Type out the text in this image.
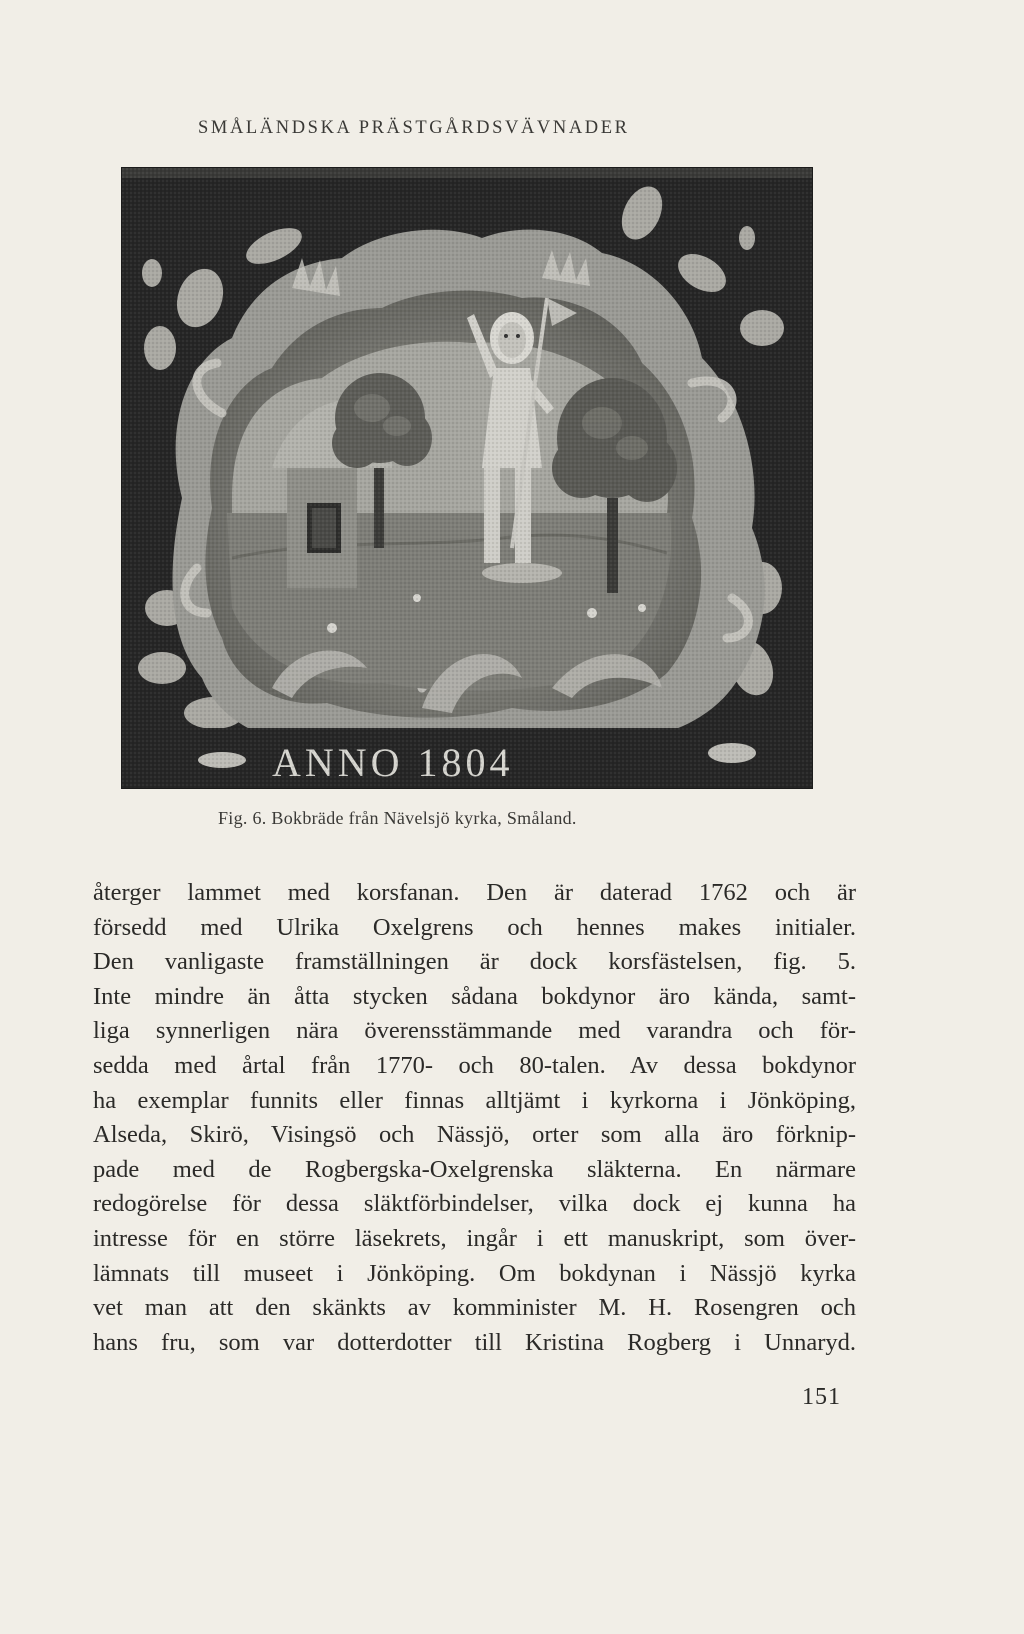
SMÅLÄNDSKA PRÄSTGÅRDSVÄVNADER
Fig. 6. Bokbräde från Nävelsjö kyrka, Småland.
återger lammet med korsfanan. Den är daterad 1762 och är
försedd med Ulrika Oxelgrens och hennes makes initialer.
Den vanligaste framställningen är dock korsfästelsen, fig. 5.
Inte mindre än åtta stycken sådana bokdynor äro kända, samt-
liga synnerligen nära överensstämmande med varandra och för-
sedda med årtal från 1770- och 80-talen. Av dessa bokdynor
ha exemplar funnits eller finnas alltjämt i kyrkorna i Jönköping,
Alseda, Skirö, Visingsö och Nässjö, orter som alla äro förknip-
pade med de Rogbergska-Oxelgrenska släkterna. En närmare
redogörelse för dessa släktförbindelser, vilka dock ej kunna ha
intresse för en större läsekrets, ingår i ett manuskript, som över-
lämnats till museet i Jönköping. Om bokdynan i Nässjö kyrka
vet man att den skänkts av komminister M. H. Rosengren och
hans fru, som var dotterdotter till Kristina Rogberg i Unnaryd.
151
